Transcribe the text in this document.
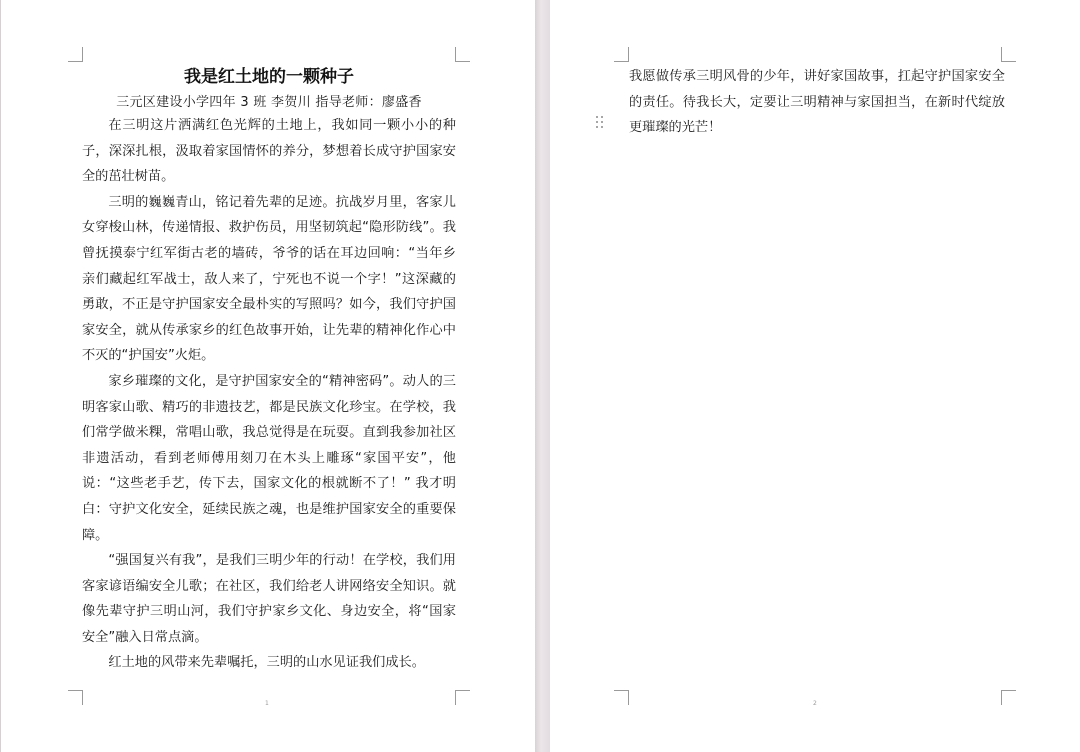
我是红土地的一颗种子
三元区建设小学四年 3 班 李贺川 指导老师：廖盛香

在三明这片洒满红色光辉的土地上，我如同一颗小小的种子，深深扎根，汲取着家国情怀的养分，梦想着长成守护国家安全的茁壮树苗。

三明的巍巍青山，铭记着先辈的足迹。抗战岁月里，客家儿女穿梭山林，传递情报、救护伤员，用坚韧筑起“隐形防线”。我曾抚摸泰宁红军街古老的墙砖，爷爷的话在耳边回响：“当年乡亲们藏起红军战士，敌人来了，宁死也不说一个字！”这深藏的勇敢，不正是守护国家安全最朴实的写照吗？如今，我们守护国家安全，就从传承家乡的红色故事开始，让先辈的精神化作心中不灭的“护国安”火炬。

家乡璀璨的文化，是守护国家安全的“精神密码”。动人的三明客家山歌、精巧的非遗技艺，都是民族文化珍宝。在学校，我们常学做米粿，常唱山歌，我总觉得是在玩耍。直到我参加社区非遗活动，看到老师傅用刻刀在木头上雕琢“家国平安”，他说：“这些老手艺，传下去，国家文化的根就断不了！” 我才明白：守护文化安全，延续民族之魂，也是维护国家安全的重要保障。

“强国复兴有我”，是我们三明少年的行动！在学校，我们用客家谚语编安全儿歌；在社区，我们给老人讲网络安全知识。就像先辈守护三明山河，我们守护家乡文化、身边安全，将“国家安全”融入日常点滴。

红土地的风带来先辈嘱托，三明的山水见证我们成长。

1

我愿做传承三明风骨的少年，讲好家国故事，扛起守护国家安全的责任。待我长大，定要让三明精神与家国担当，在新时代绽放更璀璨的光芒！

2
